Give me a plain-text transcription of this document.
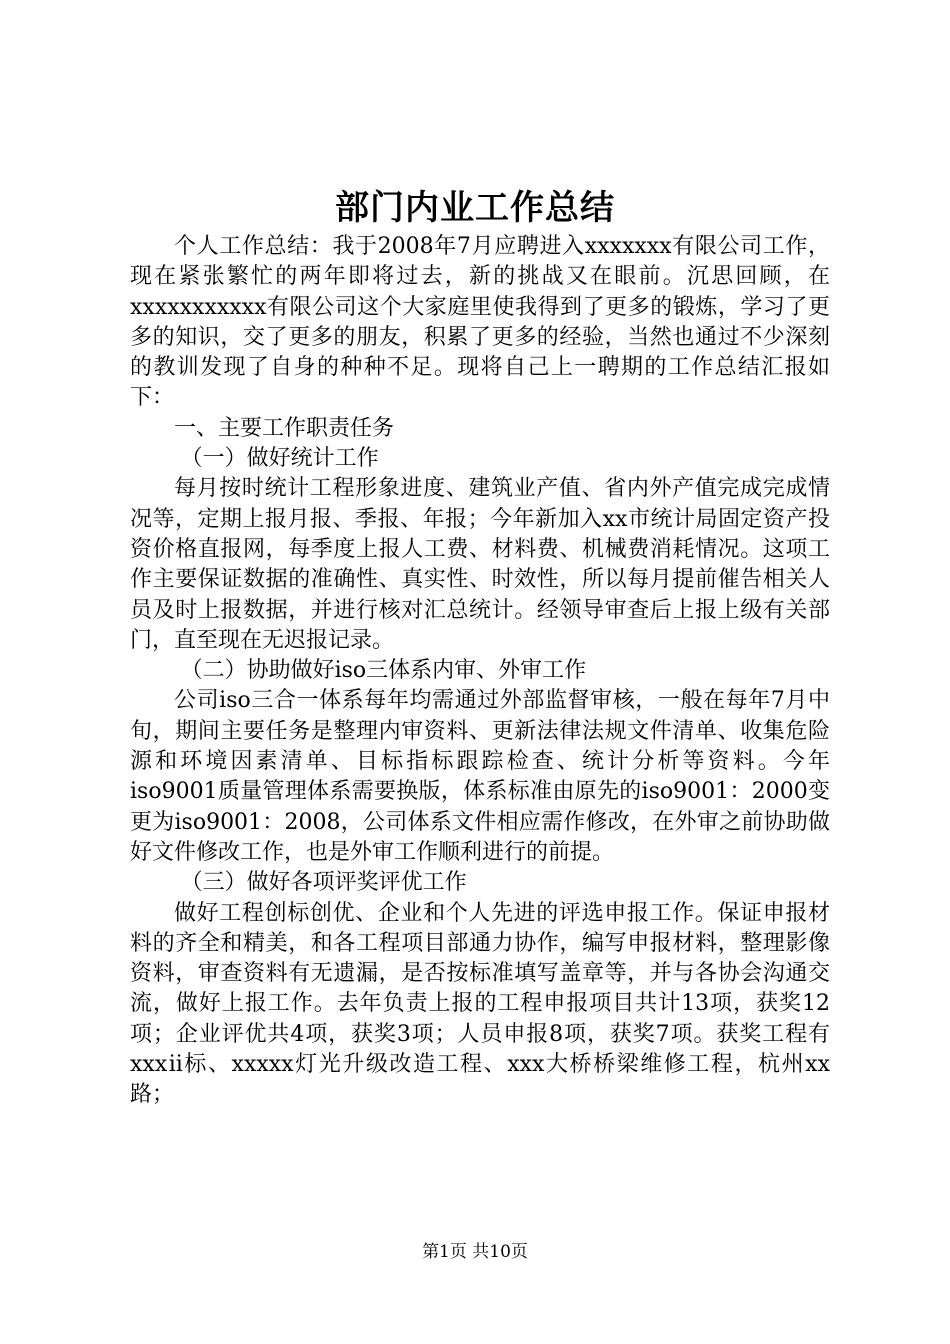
部门内业工作总结

个人工作总结：我于2008年7月应聘进入xxxxxxx有限公司工作，现在紧张繁忙的两年即将过去，新的挑战又在眼前。沉思回顾，在xxxxxxxxxxx有限公司这个大家庭里使我得到了更多的锻炼，学习了更多的知识，交了更多的朋友，积累了更多的经验，当然也通过不少深刻的教训发现了自身的种种不足。现将自己上一聘期的工作总结汇报如下：

一、主要工作职责任务

（一）做好统计工作

每月按时统计工程形象进度、建筑业产值、省内外产值完成完成情况等，定期上报月报、季报、年报；今年新加入xx市统计局固定资产投资价格直报网，每季度上报人工费、材料费、机械费消耗情况。这项工作主要保证数据的准确性、真实性、时效性，所以每月提前催告相关人员及时上报数据，并进行核对汇总统计。经领导审查后上报上级有关部门，直至现在无迟报记录。

（二）协助做好iso三体系内审、外审工作

公司iso三合一体系每年均需通过外部监督审核，一般在每年7月中旬，期间主要任务是整理内审资料、更新法律法规文件清单、收集危险源和环境因素清单、目标指标跟踪检查、统计分析等资料。今年iso9001质量管理体系需要换版，体系标准由原先的iso9001：2000变更为iso9001：2008，公司体系文件相应需作修改，在外审之前协助做好文件修改工作，也是外审工作顺利进行的前提。

（三）做好各项评奖评优工作

做好工程创标创优、企业和个人先进的评选申报工作。保证申报材料的齐全和精美，和各工程项目部通力协作，编写申报材料，整理影像资料，审查资料有无遗漏，是否按标准填写盖章等，并与各协会沟通交流，做好上报工作。去年负责上报的工程申报项目共计13项，获奖12项；企业评优共4项，获奖3项；人员申报8项，获奖7项。获奖工程有xxxⅱ标、xxxxx灯光升级改造工程、xxx大桥桥梁维修工程，杭州xx路；

第1页 共10页
